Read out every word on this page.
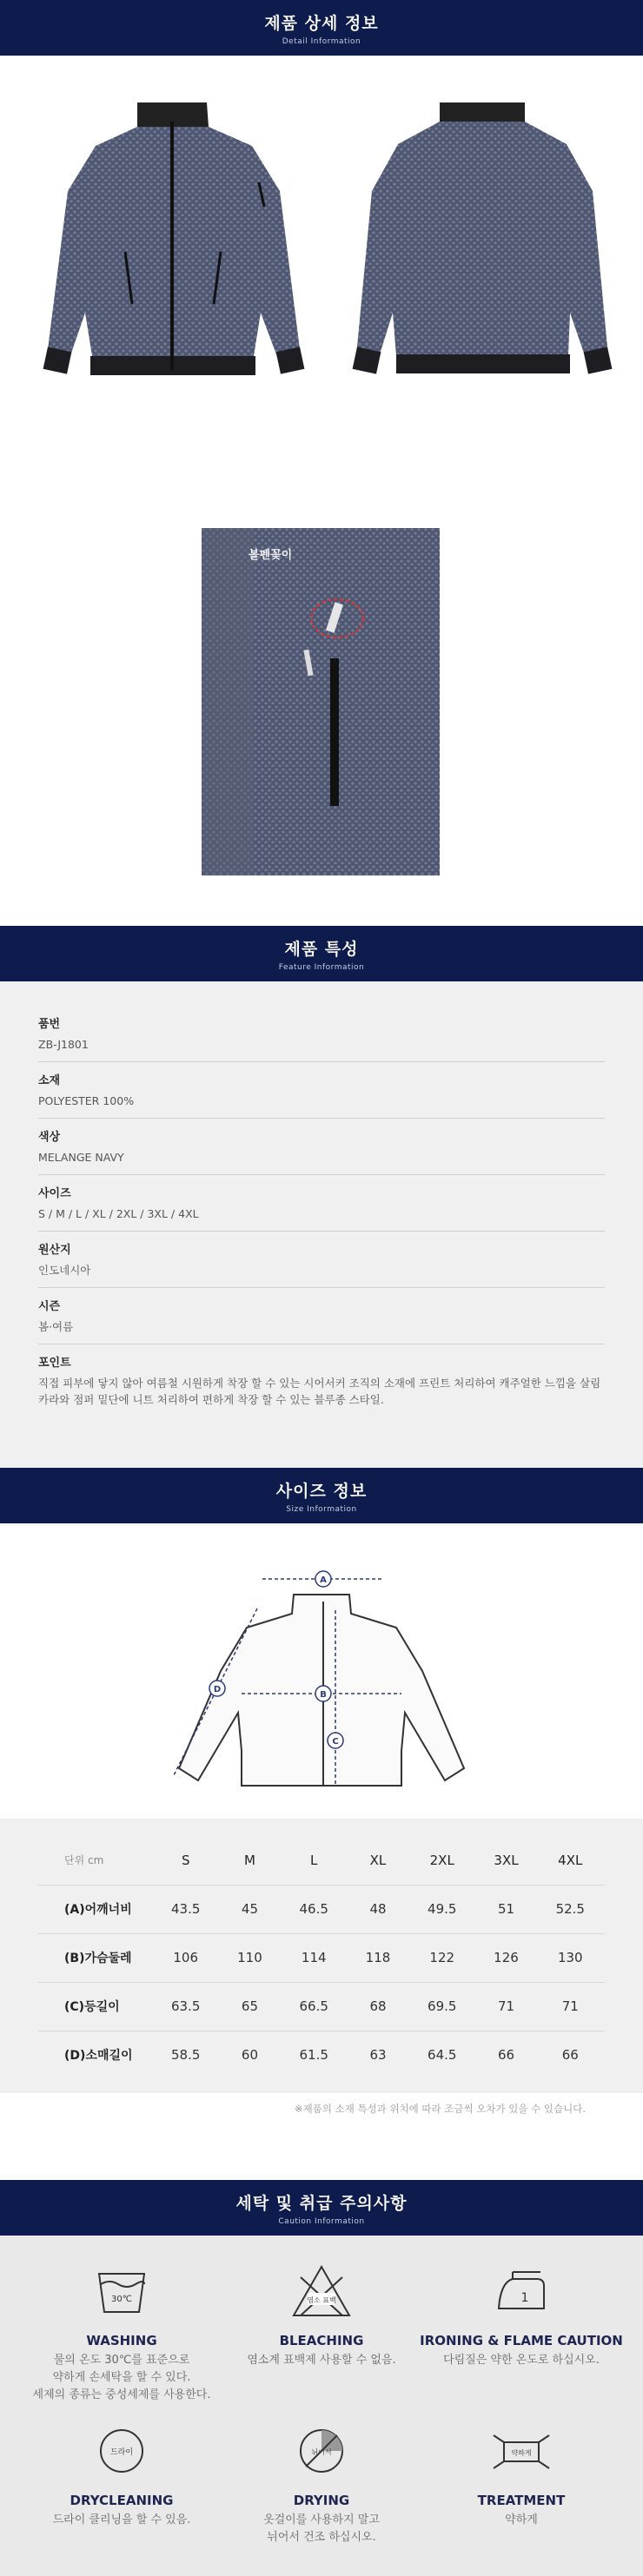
제품 상세 정보
Detail Information
볼펜꽂이
제품 특성
Feature Information
품번
ZB-J1801
소재
POLYESTER 100%
색상
MELANGE NAVY
사이즈
S / M / L / XL / 2XL / 3XL / 4XL
원산지
인도네시아
시즌
봄·여름
포인트
직접 피부에 닿지 않아 여름철 시원하게 착장 할 수 있는 시어서커 조직의 소재에 프린트 처리하여 캐주얼한 느낌을 살림
카라와 점퍼 밑단에 니트 처리하여 편하게 착장 할 수 있는 블루종 스타일.
사이즈 정보
Size Information
A
B
C
D
단위 cm	S	M	L	XL	2XL	3XL	4XL
(A)어깨너비	43.5	45	46.5	48	49.5	51	52.5
(B)가슴둘레	106	110	114	118	122	126	130
(C)등길이	63.5	65	66.5	68	69.5	71	71
(D)소매길이	58.5	60	61.5	63	64.5	66	66
※제품의 소재 특성과 위치에 따라 조금씩 오차가 있을 수 있습니다.
세탁 및 취급 주의사항
Caution Information
30℃
WASHING
물의 온도 30℃를 표준으로
약하게 손세탁을 할 수 있다.
세제의 종류는 중성세제를 사용한다.
염소 표백
BLEACHING
염소계 표백제 사용할 수 없음.
1
IRONING & FLAME CAUTION
다림질은 약한 온도로 하십시오.
드라이
DRYCLEANING
드라이 클리닝을 할 수 있음.
뉘어서
DRYING
옷걸이를 사용하지 말고
뉘어서 건조 하십시오.
약하게
TREATMENT
약하게
